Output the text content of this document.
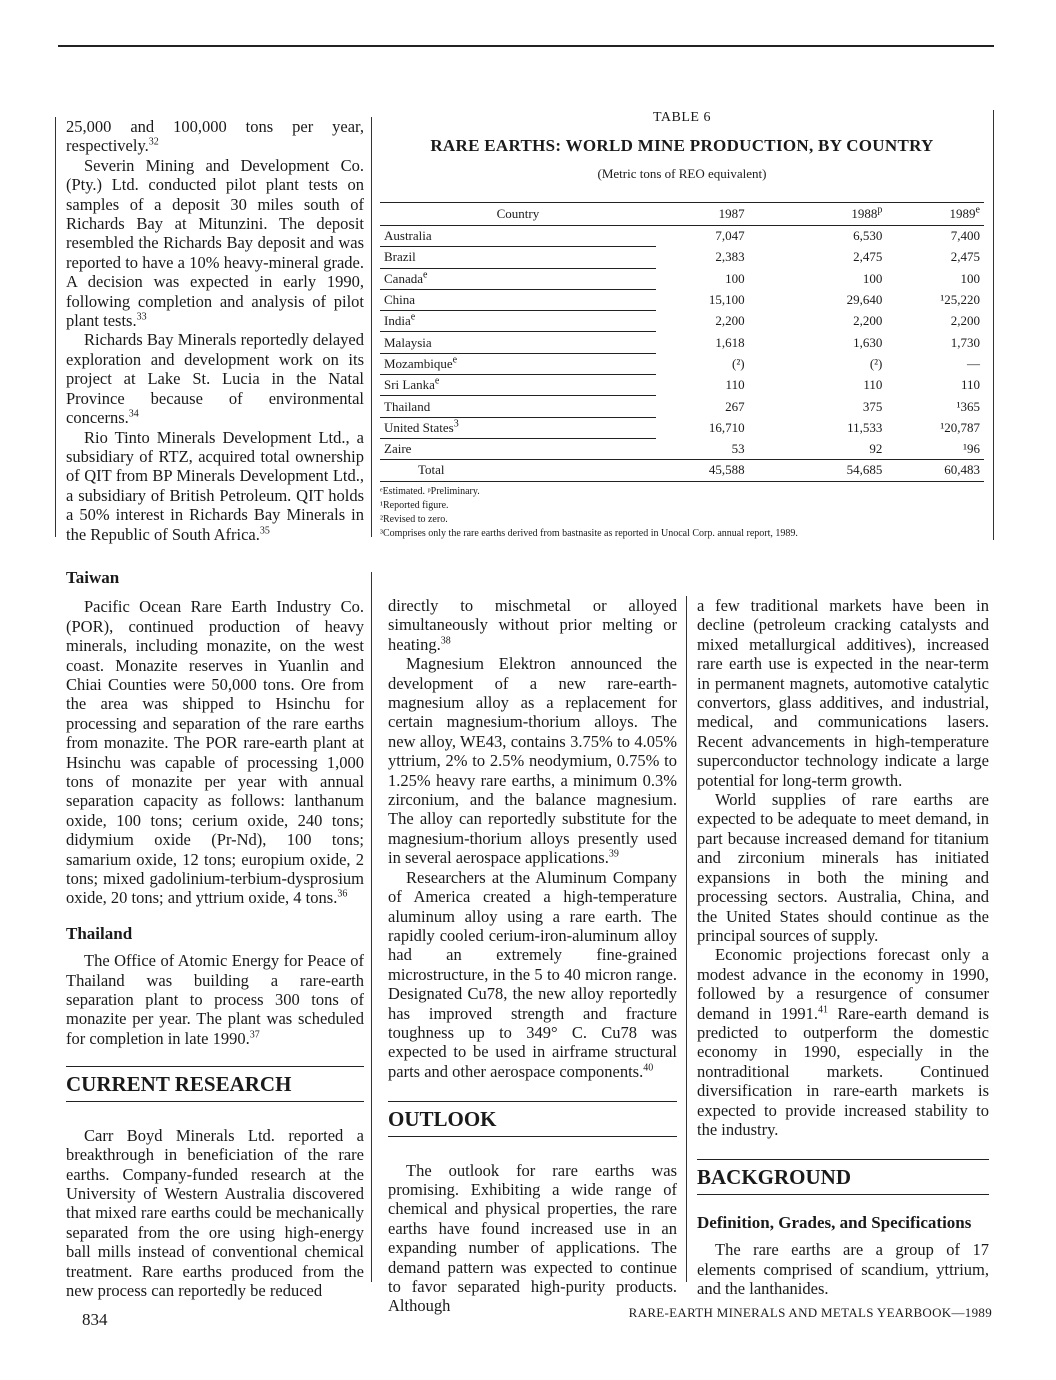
25,000 and 100,000 tons per year, respectively.$^{32}$

Severin Mining and Development Co. (Pty.) Ltd. conducted pilot plant tests on samples of a deposit 30 miles south of Richards Bay at Mitunzini. The deposit resembled the Richards Bay deposit and was reported to have a 10% heavy-mineral grade. A decision was expected in early 1990, following completion and analysis of pilot plant tests.$^{33}$

Richards Bay Minerals reportedly delayed exploration and development work on its project at Lake St. Lucia in the Natal Province because of environmental concerns.$^{34}$

Rio Tinto Minerals Development Ltd., a subsidiary of RTZ, acquired total ownership of QIT from BP Minerals Development Ltd., a subsidiary of British Petroleum. QIT holds a 50% interest in Richards Bay Minerals in the Republic of South Africa.$^{35}$

Taiwan

Pacific Ocean Rare Earth Industry Co. (POR), continued production of heavy minerals, including monazite, on the west coast. Monazite reserves in Yuanlin and Chiai Counties were 50,000 tons. Ore from the area was shipped to Hsinchu for processing and separation of the rare earths from monazite. The POR rare-earth plant at Hsinchu was capable of processing 1,000 tons of monazite per year with annual separation capacity as follows: lanthanum oxide, 100 tons; cerium oxide, 240 tons; didymium oxide (Pr-Nd), 100 tons; samarium oxide, 12 tons; europium oxide, 2 tons; mixed gadolinium-terbium-dysprosium oxide, 20 tons; and yttrium oxide, 4 tons.$^{36}$

Thailand

The Office of Atomic Energy for Peace of Thailand was building a rare-earth separation plant to process 300 tons of monazite per year. The plant was scheduled for completion in late 1990.37

CURRENT RESEARCH

Carr Boyd Minerals Ltd. reported a breakthrough in beneficiation of the rare earths. Company-funded research at the University of Western Australia discovered that mixed rare earths could be mechanically separated from the ore using high-energy ball mills instead of conventional chemical treatment. Rare earths produced from the new process can reportedly be reduced

TABLE 6
RARE EARTHS: WORLD MINE PRODUCTION, BY COUNTRY
(Metric tons of REO equivalent)
Country	1987	1988$^p$	1989e
Australia	7,047	6,530	7,400
Brazil	2,383	2,475	2,475
Canada$^e$	100	100	100
China	15,100	29,640	¹25,220
India$^e$	2,200	2,200	2,200
Malaysia	1,618	1,630	1,730
Mozambique$^e$	(²)	(²)	—
Sri Lanka$^e$	110	110	110
Thailand	267	375	¹365
United States$^3$	16,710	11,533	¹20,787
Zaire	53	92	¹96
Total	45,588	54,685	60,483
ᵉEstimated. ᵖPreliminary.
¹Reported figure.
²Revised to zero.
³Comprises only the rare earths derived from bastnasite as reported in Unocal Corp. annual report, 1989.

directly to mischmetal or alloyed simultaneously without prior melting or heating.$^{38}$

Magnesium Elektron announced the development of a new rare-earth-magnesium alloy as a replacement for certain magnesium-thorium alloys. The new alloy, WE43, contains 3.75% to 4.05% yttrium, 2% to 2.5% neodymium, 0.75% to 1.25% heavy rare earths, a minimum 0.3% zirconium, and the balance magnesium. The alloy can reportedly substitute for the magnesium-thorium alloys presently used in several aerospace applications.$^{39}$

Researchers at the Aluminum Company of America created a high-temperature aluminum alloy using a rare earth. The rapidly cooled cerium-iron-aluminum alloy had an extremely fine-grained microstructure, in the 5 to 40 micron range. Designated Cu78, the new alloy reportedly has improved strength and fracture toughness up to 349° C. Cu78 was expected to be used in airframe structural parts and other aerospace components.$^{40}$

OUTLOOK

The outlook for rare earths was promising. Exhibiting a wide range of chemical and physical properties, the rare earths have found increased use in an expanding number of applications. The demand pattern was expected to continue to favor separated high-purity products. Although

a few traditional markets have been in decline (petroleum cracking catalysts and mixed metallurgical additives), increased rare earth use is expected in the near-term in permanent magnets, automotive catalytic convertors, glass additives, and industrial, medical, and communications lasers. Recent advancements in high-temperature superconductor technology indicate a large potential for long-term growth.

World supplies of rare earths are expected to be adequate to meet demand, in part because increased demand for titanium and zirconium minerals has initiated expansions in both the mining and processing sectors. Australia, China, and the United States should continue as the principal sources of supply.

Economic projections forecast only a modest advance in the economy in 1990, followed by a resurgence of consumer demand in 1991.41 Rare-earth demand is predicted to outperform the domestic economy in 1990, especially in the nontraditional markets. Continued diversification in rare-earth markets is expected to provide increased stability to the industry.

BACKGROUND

Definition, Grades, and Specifications

The rare earths are a group of 17 elements comprised of scandium, yttrium, and the lanthanides.

834	RARE-EARTH MINERALS AND METALS YEARBOOK—1989
